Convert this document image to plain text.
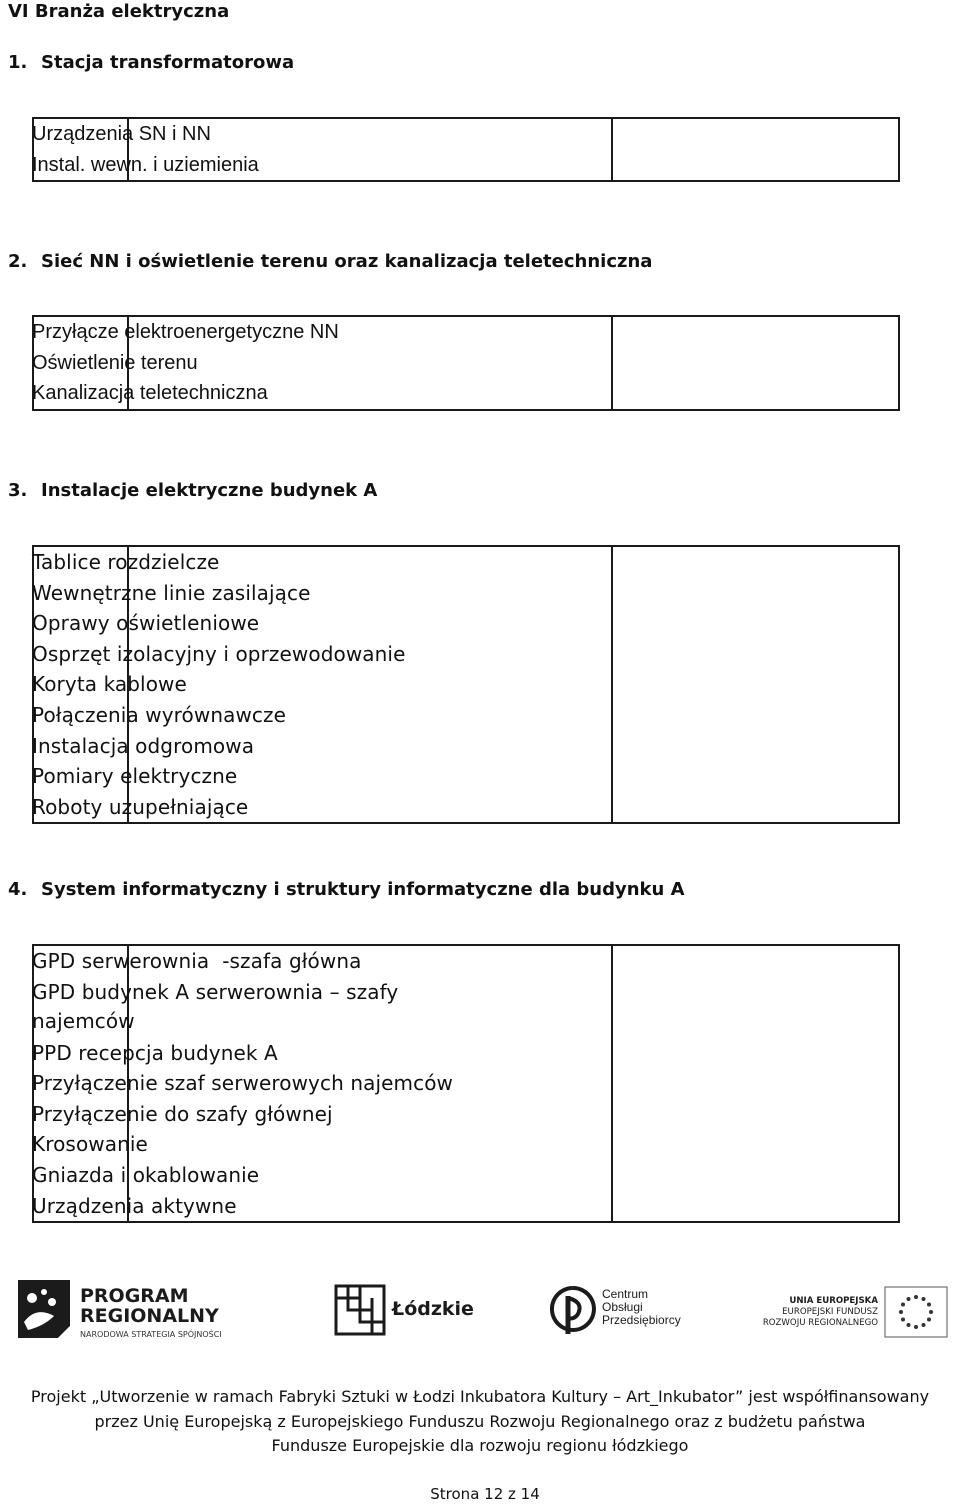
VI Branża elektryczna
1. Stacja transformatorowa
Urządzenia SN i NN
Instal. wewn. i uziemienia

2. Sieć NN i oświetlenie terenu oraz kanalizacja teletechniczna
Przyłącze elektroenergetyczne NN
Oświetlenie terenu
Kanalizacja teletechniczna

3. Instalacje elektryczne budynek A
Tablice rozdzielcze
Wewnętrzne linie zasilające
Oprawy oświetleniowe
Osprzęt izolacyjny i oprzewodowanie
Koryta kablowe
Połączenia wyrównawcze
Instalacja odgromowa
Pomiary elektryczne
Roboty uzupełniające

4. System informatyczny i struktury informatyczne dla budynku A
GPD serwerownia  -szafa główna
GPD budynek A serwerownia – szafy najemców
PPD recepcja budynek A
Przyłączenie szaf serwerowych najemców
Przyłączenie do szafy głównej
Krosowanie
Gniazda i okablowanie
Urządzenia aktywne

PROGRAM
REGIONALNY
NARODOWA STRATEGIA SPÓJNOŚCI
Łódzkie
Centrum
Obsługi
Przedsiębiorcy
UNIA EUROPEJSKA
EUROPEJSKI FUNDUSZ
ROZWOJU REGIONALNEGO
Projekt „Utworzenie w ramach Fabryki Sztuki w Łodzi Inkubatora Kultury – Art_Inkubator” jest współfinansowany
przez Unię Europejską z Europejskiego Funduszu Rozwoju Regionalnego oraz z budżetu państwa
Fundusze Europejskie dla rozwoju regionu łódzkiego
Strona 12 z 14
